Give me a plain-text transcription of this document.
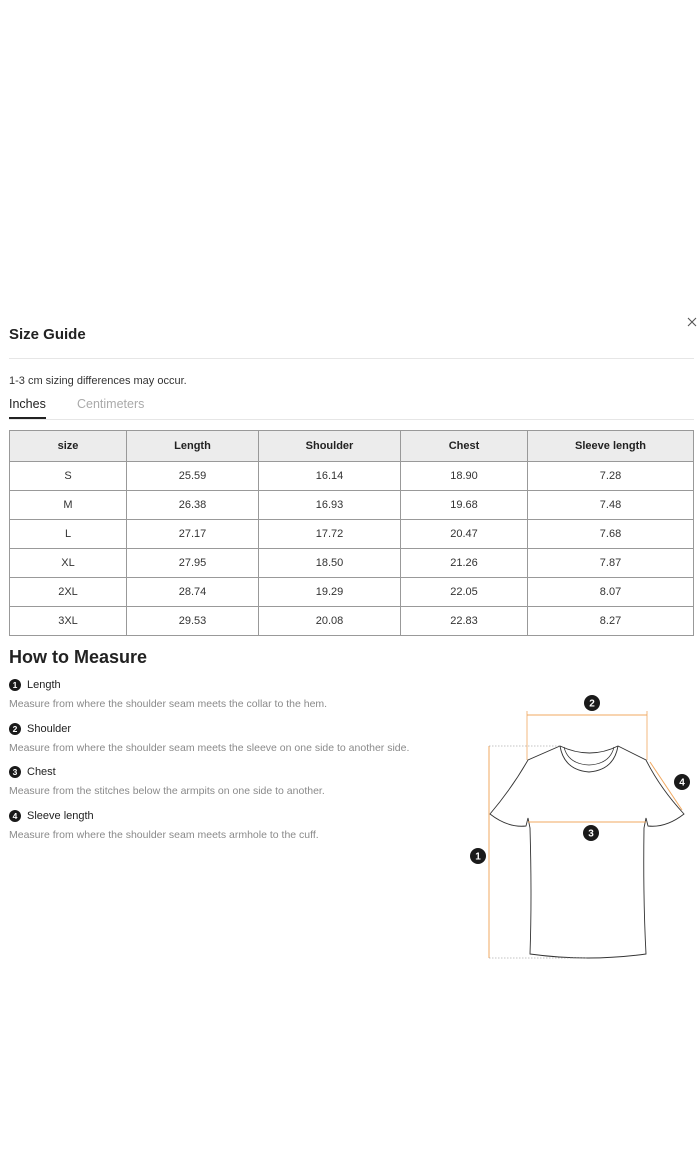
Size Guide
1-3 cm sizing differences may occur.
Inches Centimeters
size	Length	Shoulder	Chest	Sleeve length
S	25.59	16.14	18.90	7.28
M	26.38	16.93	19.68	7.48
L	27.17	17.72	20.47	7.68
XL	27.95	18.50	21.26	7.87
2XL	28.74	19.29	22.05	8.07
3XL	29.53	20.08	22.83	8.27
How to Measure
1 Length
Measure from where the shoulder seam meets the collar to the hem.
2 Shoulder
Measure from where the shoulder seam meets the sleeve on one side to another side.
3 Chest
Measure from the stitches below the armpits on one side to another.
4 Sleeve length
Measure from where the shoulder seam meets armhole to the cuff.
1
2
3
4
